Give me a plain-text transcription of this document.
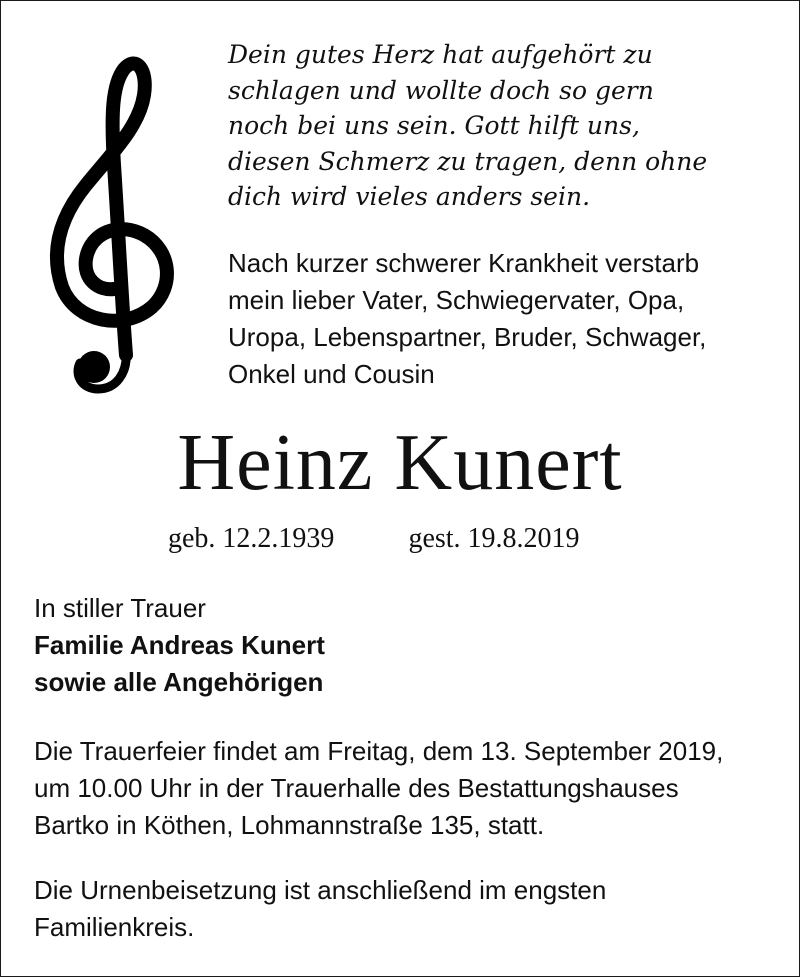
Dein gutes Herz hat aufgehört zu
schlagen und wollte doch so gern
noch bei uns sein. Gott hilft uns,
diesen Schmerz zu tragen, denn ohne
dich wird vieles anders sein.
Nach kurzer schwerer Krankheit verstarb
mein lieber Vater, Schwiegervater, Opa,
Uropa, Lebenspartner, Bruder, Schwager,
Onkel und Cousin
Heinz Kunert
geb. 12.2.1939	gest. 19.8.2019
In stiller Trauer
Familie Andreas Kunert
sowie alle Angehörigen
Die Trauerfeier findet am Freitag, dem 13. September 2019,
um 10.00 Uhr in der Trauerhalle des Bestattungshauses
Bartko in Köthen, Lohmannstraße 135, statt.
Die Urnenbeisetzung ist anschließend im engsten
Familienkreis.
